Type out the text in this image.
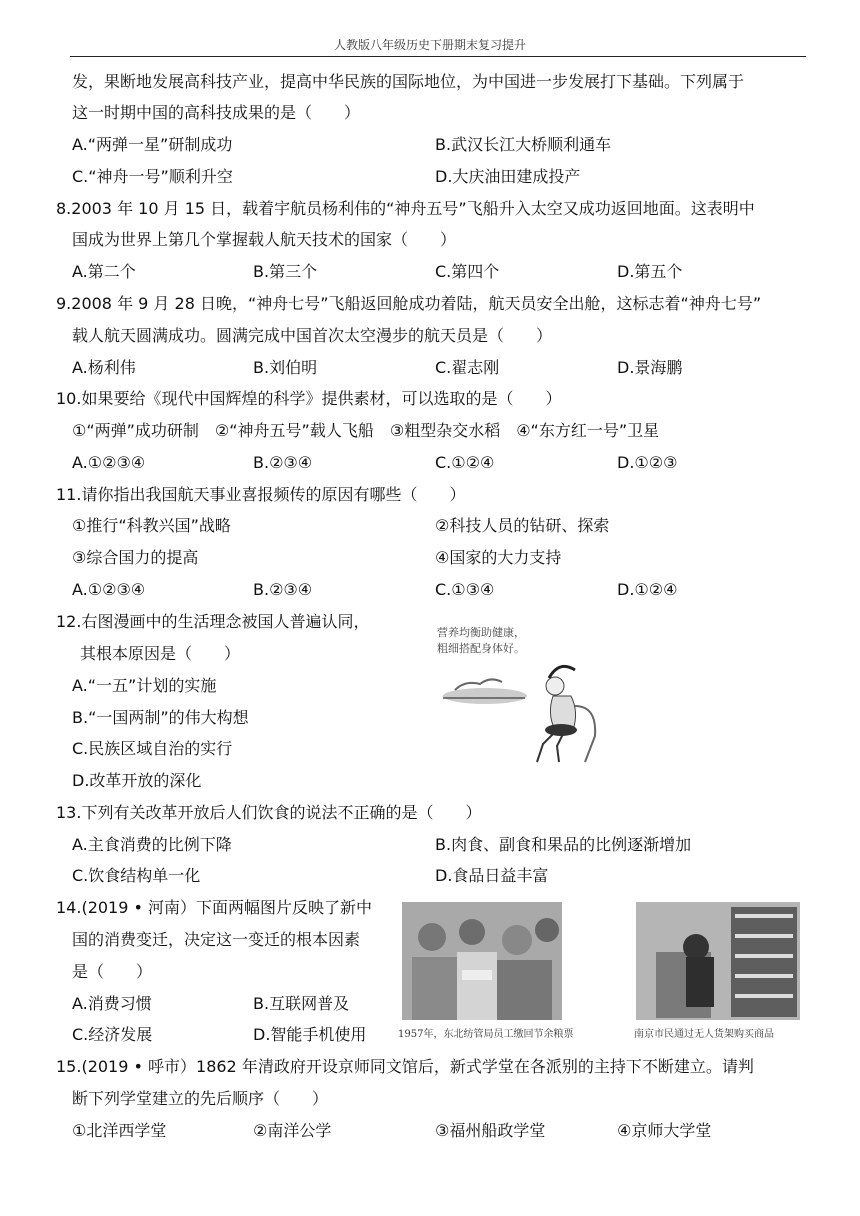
人教版八年级历史下册期末复习提升
发，果断地发展高科技产业，提高中华民族的国际地位，为中国进一步发展打下基础。下列属于
这一时期中国的高科技成果的是（　　）
A.“两弹一星”研制成功	B.武汉长江大桥顺利通车
C.“神舟一号”顺利升空	D.大庆油田建成投产
8.2003 年 10 月 15 日，载着宇航员杨利伟的“神舟五号”飞船升入太空又成功返回地面。这表明中
国成为世界上第几个掌握载人航天技术的国家（　　）
A.第二个	B.第三个	C.第四个	D.第五个
9.2008 年 9 月 28 日晚，“神舟七号”飞船返回舱成功着陆，航天员安全出舱，这标志着“神舟七号”
载人航天圆满成功。圆满完成中国首次太空漫步的航天员是（　　）
A.杨利伟	B.刘伯明	C.翟志刚	D.景海鹏
10.如果要给《现代中国辉煌的科学》提供素材，可以选取的是（　　）
①“两弹”成功研制　②“神舟五号”载人飞船　③粗型杂交水稻　④“东方红一号”卫星
A.①②③④	B.②③④	C.①②④	D.①②③
11.请你指出我国航天事业喜报频传的原因有哪些（　　）
①推行“科教兴国”战略	②科技人员的钻研、探索
③综合国力的提高	④国家的大力支持
A.①②③④	B.②③④	C.①③④	D.①②④
12.右图漫画中的生活理念被国人普遍认同，
其根本原因是（　　）
A.“一五”计划的实施
B.“一国两制”的伟大构想
C.民族区域自治的实行
D.改革开放的深化
营养均衡助健康，
粗细搭配身体好。
13.下列有关改革开放后人们饮食的说法不正确的是（　　）
A.主食消费的比例下降	B.肉食、副食和果品的比例逐渐增加
C.饮食结构单一化	D.食品日益丰富
14.(2019 • 河南）下面两幅图片反映了新中
国的消费变迁，决定这一变迁的根本因素
是（　　）
A.消费习惯	B.互联网普及
C.经济发展	D.智能手机使用	1957年，东北纺管局员工缴回节余粮票	南京市民通过无人货架购买商品
15.(2019 • 呼市）1862 年清政府开设京师同文馆后，新式学堂在各派别的主持下不断建立。请判
断下列学堂建立的先后顺序（　　）
①北洋西学堂	②南洋公学	③福州船政学堂	④京师大学堂
